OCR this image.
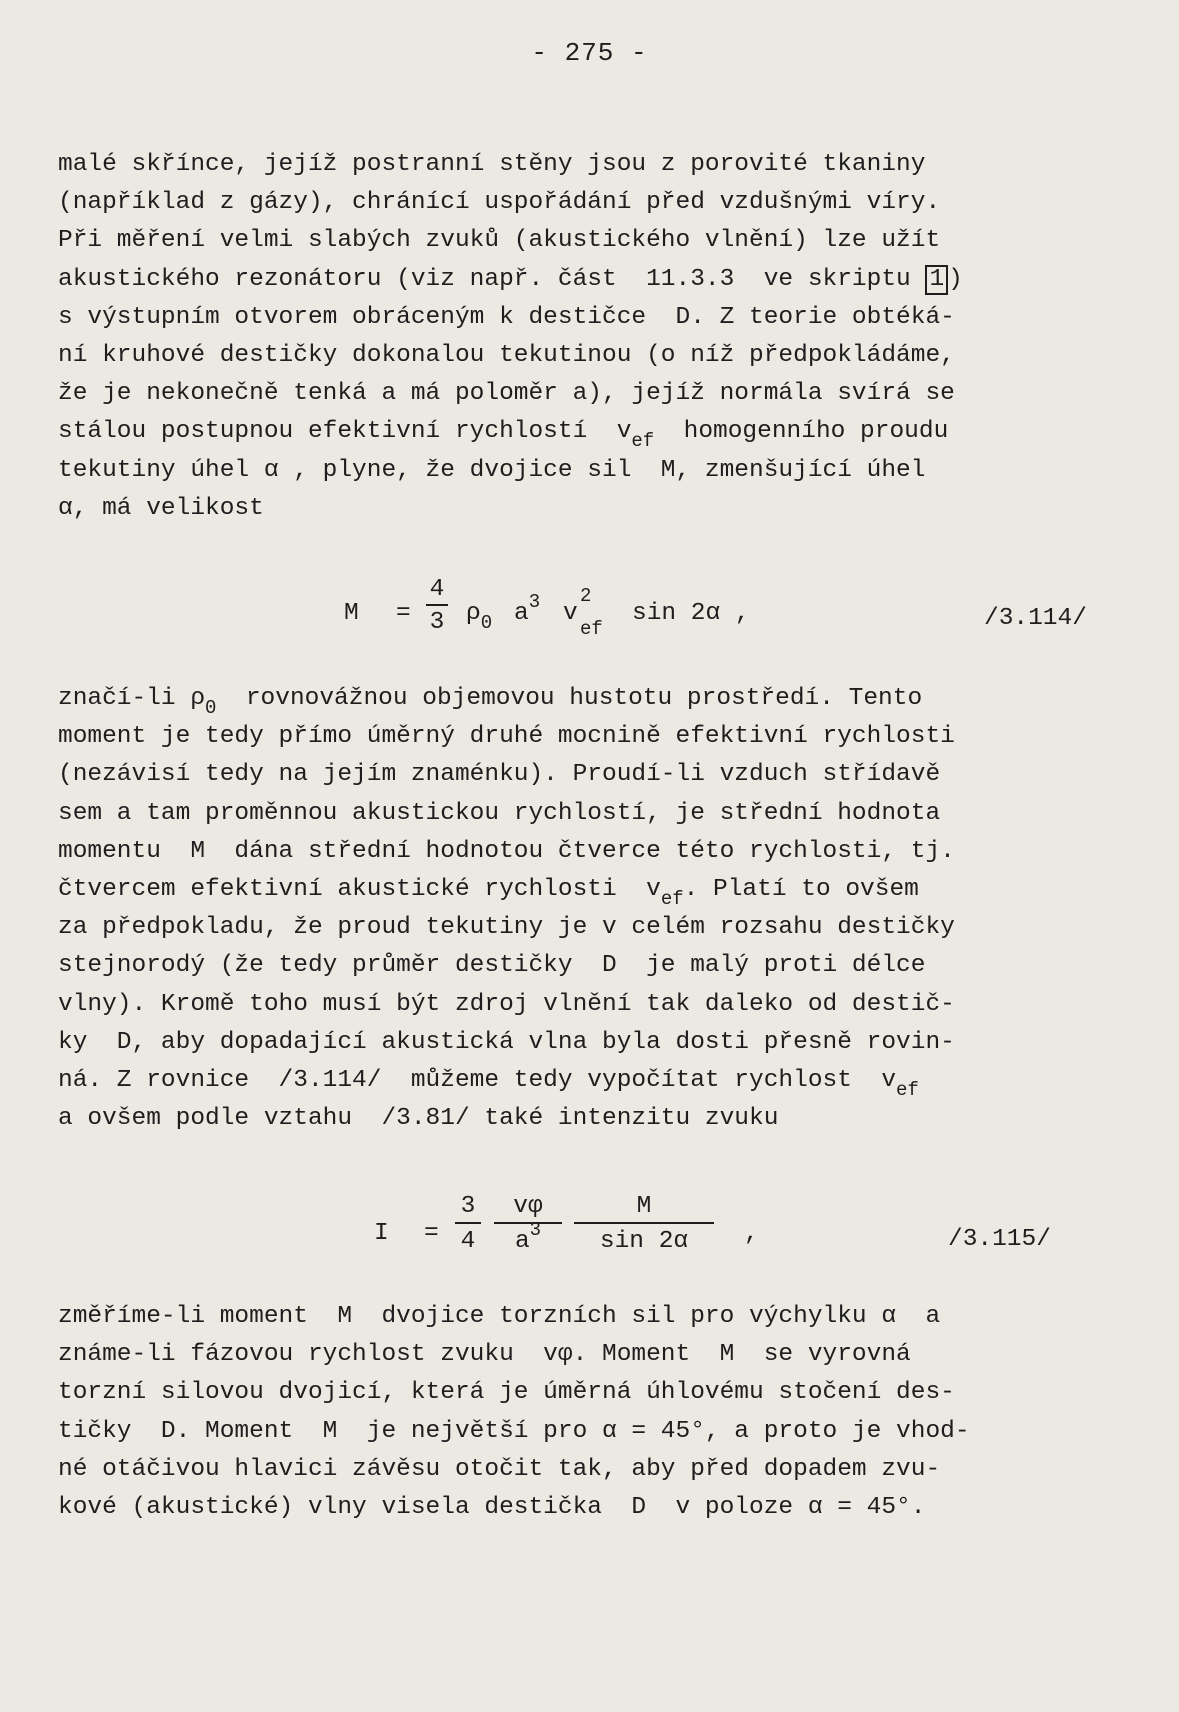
- 275 -
malé skřínce, jejíž postranní stěny jsou z porovité tkaniny
(například z gázy), chránící uspořádání před vzdušnými víry.
Při měření velmi slabých zvuků (akustického vlnění) lze užít
akustického rezonátoru (viz např. část  11.3.3  ve skriptu 1 )
s výstupním otvorem obráceným k destičce  D. Z teorie obtéká-
ní kruhové destičky dokonalou tekutinou (o níž předpokládáme,
že je nekonečně tenká a má poloměr a), jejíž normála svírá se
stálou postupnou efektivní rychlostí  $v_{ef}$  homogenního proudu
tekutiny úhel α , plyne, že dvojice sil  M, zmenšující úhel
α, má velikost
M =
4
3 $\rho_0$ $a^3$ v
2
ef
sin 2α ,	/3.114/
značí-li $\rho_0$  rovnovážnou objemovou hustotu prostředí. Tento
moment je tedy přímo úměrný druhé mocnině efektivní rychlosti
(nezávisí tedy na jejím znaménku). Proudí-li vzduch střídavě
sem a tam proměnnou akustickou rychlostí, je střední hodnota
momentu  M  dána střední hodnotou čtverce této rychlosti, tj.
čtvercem efektivní akustické rychlosti  $v_{ef}$. Platí to ovšem
za předpokladu, že proud tekutiny je v celém rozsahu destičky
stejnorodý (že tedy průměr destičky  D  je malý proti délce
vlny). Kromě toho musí být zdroj vlnění tak daleko od destič-
ky  D, aby dopadající akustická vlna byla dosti přesně rovin-
ná. Z rovnice  /3.114/  můžeme tedy vypočítat rychlost  $v_{ef}$
a ovšem podle vztahu  /3.81/ také intenzitu zvuku
I =
3
4
vφ
$a^3$
M
sin 2α	,	/3.115/
změříme-li moment  M  dvojice torzních sil pro výchylku α  a
známe-li fázovou rychlost zvuku  vφ. Moment  M  se vyrovná
torzní silovou dvojicí, která je úměrná úhlovému stočení des-
tičky  D. Moment  M  je největší pro α = 45°, a proto je vhod-
né otáčivou hlavici závěsu otočit tak, aby před dopadem zvu-
kové (akustické) vlny visela destička  D  v poloze α = 45°.
